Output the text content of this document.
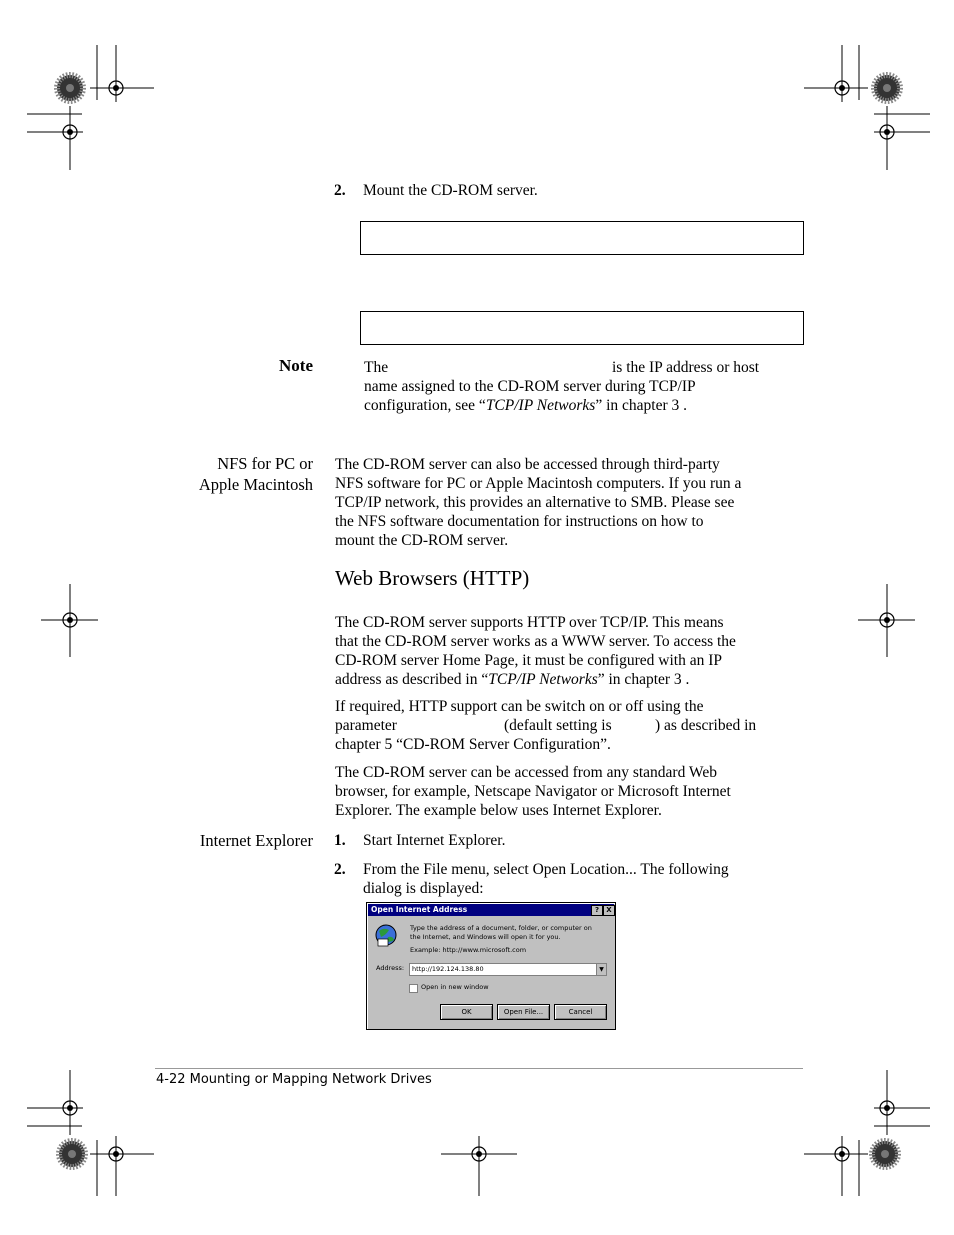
2. Mount the CD-ROM server.
Note	The	is the IP address or host
name assigned to the CD-ROM server during TCP/IP
configuration, see “TCP/IP Networks” in chapter 3 .
NFS for PC or
Apple Macintosh
The CD-ROM server can also be accessed through third-party
NFS software for PC or Apple Macintosh computers. If you run a
TCP/IP network, this provides an alternative to SMB. Please see
the NFS software documentation for instructions on how to
mount the CD-ROM server.
Web Browsers (HTTP)
The CD-ROM server supports HTTP over TCP/IP. This means
that the CD-ROM server works as a WWW server. To access the
CD-ROM server Home Page, it must be configured with an IP
address as described in “TCP/IP Networks” in chapter 3 .
If required, HTTP support can be switch on or off using the
parameter	(default setting is	) as described in
chapter 5 “CD-ROM Server Configuration”.
The CD-ROM server can be accessed from any standard Web
browser, for example, Netscape Navigator or Microsoft Internet
Explorer. The example below uses Internet Explorer.
Internet Explorer 1. Start Internet Explorer.
2. From the File menu, select Open Location... The following
dialog is displayed:
Open Internet Address	?	X
Type the address of a document, folder, or computer on
the Internet, and Windows will open it for you.
Example: http://www.microsoft.com
Address: http://192.124.138.80	▼
Open in new window
OK	Open File...	Cancel
4-22 Mounting or Mapping Network Drives
